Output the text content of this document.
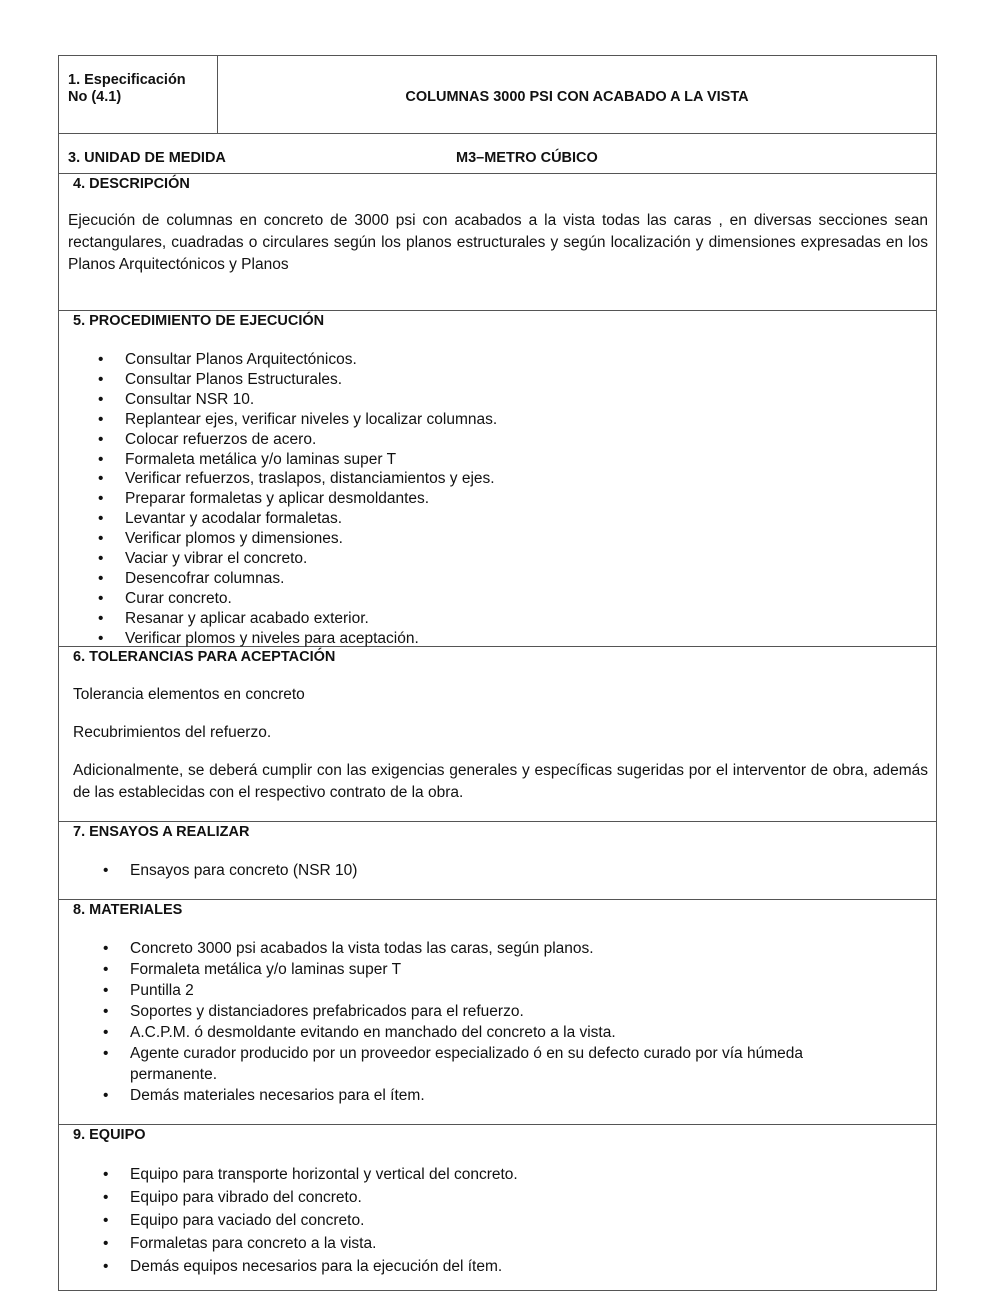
1. Especificación
No (4.1)	COLUMNAS 3000 PSI CON ACABADO A LA VISTA
3. UNIDAD DE MEDIDA	M3–METRO CÚBICO
4. DESCRIPCIÓN
Ejecución de columnas en concreto de 3000 psi con acabados a la vista todas las caras , en diversas secciones sean rectangulares, cuadradas o circulares según los planos estructurales y según localización y dimensiones expresadas en los Planos Arquitectónicos y Planos
5. PROCEDIMIENTO DE EJECUCIÓN
• Consultar Planos Arquitectónicos.
• Consultar Planos Estructurales.
• Consultar NSR 10.
• Replantear ejes, verificar niveles y localizar columnas.
• Colocar refuerzos de acero.
• Formaleta metálica y/o laminas super T
• Verificar refuerzos, traslapos, distanciamientos y ejes.
• Preparar formaletas y aplicar desmoldantes.
• Levantar y acodalar formaletas.
• Verificar plomos y dimensiones.
• Vaciar y vibrar el concreto.
• Desencofrar columnas.
• Curar concreto.
• Resanar y aplicar acabado exterior.
• Verificar plomos y niveles para aceptación.
6. TOLERANCIAS PARA ACEPTACIÓN
Tolerancia elementos en concreto
Recubrimientos del refuerzo.
Adicionalmente, se deberá cumplir con las exigencias generales y específicas sugeridas por el interventor de obra, además de las establecidas con el respectivo contrato de la obra.
7. ENSAYOS A REALIZAR
• Ensayos para concreto (NSR 10)
8. MATERIALES
• Concreto 3000 psi acabados la vista todas las caras, según planos.
• Formaleta metálica y/o laminas super T
• Puntilla 2
• Soportes y distanciadores prefabricados para el refuerzo.
• A.C.P.M. ó desmoldante evitando en manchado del concreto a la vista.
• Agente curador producido por un proveedor especializado ó en su defecto curado por vía húmeda permanente.
• Demás materiales necesarios para el ítem.
9. EQUIPO
• Equipo para transporte horizontal y vertical del concreto.
• Equipo para vibrado del concreto.
• Equipo para vaciado del concreto.
• Formaletas para concreto a la vista.
• Demás equipos necesarios para la ejecución del ítem.
